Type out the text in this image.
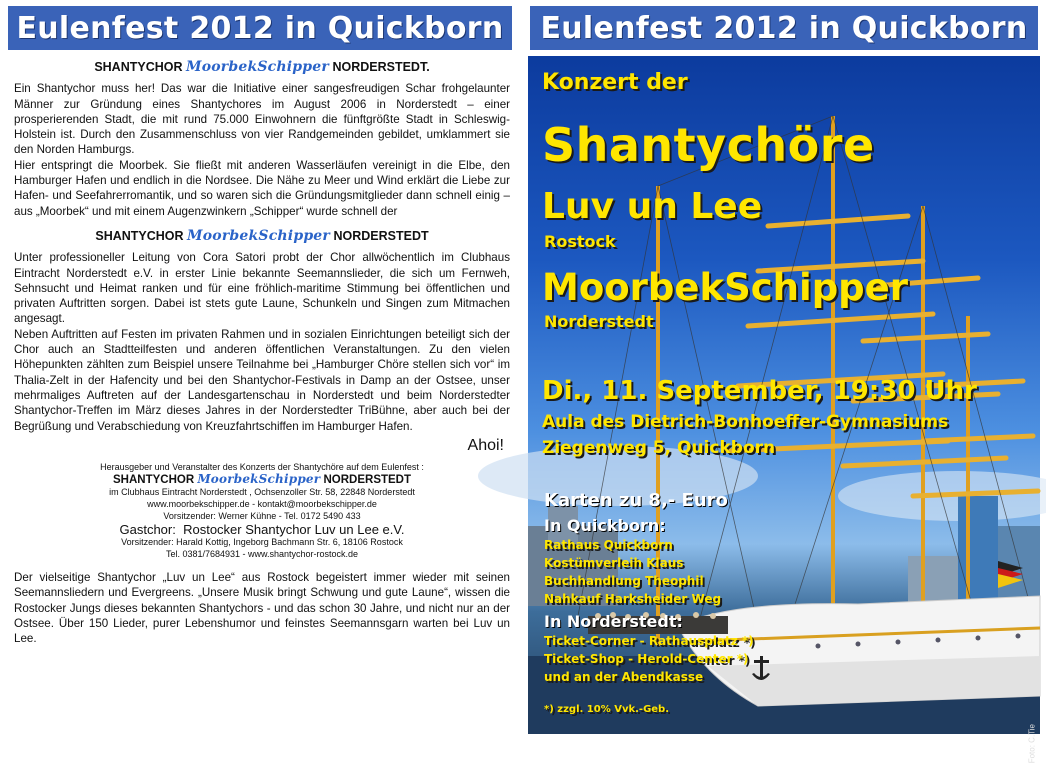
Eulenfest 2012 in Quickborn Eulenfest 2012 in Quickborn
SHANTYCHOR MoorbekSchipper NORDERSTEDT.

Ein Shantychor muss her! Das war die Initiative einer sangesfreudigen Schar frohgelaunter Männer zur Gründung eines Shantychores im August 2006 in Norderstedt – einer prosperierenden Stadt, die mit rund 75.000 Einwohnern die fünftgrößte Stadt in Schleswig-Holstein ist. Durch den Zusammenschluss von vier Randgemeinden gebildet, umklammert sie den Norden Hamburgs.

Hier entspringt die Moorbek. Sie fließt mit anderen Wasserläufen vereinigt in die Elbe, den Hamburger Hafen und endlich in die Nordsee. Die Nähe zu Meer und Wind erklärt die Liebe zur Hafen- und Seefahrerromantik, und so waren sich die Gründungsmitglieder dann schnell einig – aus „Moorbek“ und mit einem Augenzwinkern „Schipper“ wurde schnell der

SHANTYCHOR MoorbekSchipper NORDERSTEDT

Unter professioneller Leitung von Cora Satori probt der Chor allwöchentlich im Clubhaus Eintracht Norderstedt e.V. in erster Linie bekannte Seemannslieder, die sich um Fernweh, Sehnsucht und Heimat ranken und für eine fröhlich-maritime Stimmung bei öffentlichen und privaten Auftritten sorgen. Dabei ist stets gute Laune, Schunkeln und Singen zum Mitmachen angesagt.

Neben Auftritten auf Festen im privaten Rahmen und in sozialen Einrichtungen beteiligt sich der Chor auch an Stadtteilfesten und anderen öffentlichen Veranstaltungen. Zu den vielen Höhepunkten zählten zum Beispiel unsere Teilnahme bei „Hamburger Chöre stellen sich vor“ im Thalia-Zelt in der Hafencity und bei den Shantychor-Festivals in Damp an der Ostsee, unser mehrmaliges Auftreten auf der Landesgartenschau in Norderstedt und beim Norderstedter Shantychor-Treffen im März dieses Jahres in der Norderstedter TriBühne, aber auch bei der Begrüßung und Verabschiedung von Kreuzfahrtschiffen im Hamburger Hafen.

Ahoi!
Herausgeber und Veranstalter des Konzerts der Shantychöre auf dem Eulenfest :
SHANTYCHOR MoorbekSchipper NORDERSTEDT
im Clubhaus Eintracht Norderstedt , Ochsenzoller Str. 58, 22848 Norderstedt
www.moorbekschipper.de - kontakt@moorbekschipper.de
Vorsitzender: Werner Kühne - Tel. 0172 5490 433
Gastchor: Rostocker Shantychor Luv un Lee e.V.
Vorsitzender: Harald Kottig, Ingeborg Bachmann Str. 6, 18106 Rostock
Tel. 0381/7684931 - www.shantychor-rostock.de

Der vielseitige Shantychor „Luv un Lee“ aus Rostock begeistert immer wieder mit seinen Seemannsliedern und Evergreens. „Unsere Musik bringt Schwung und gute Laune“, wissen die Rostocker Jungs dieses bekannten Shantychors - und das schon 30 Jahre, und nicht nur an der Ostsee. Über 150 Lieder, purer Lebenshumor und feinstes Seemannsgarn warten bei Luv un Lee.

Konzert der
Shantychöre
Luv un Lee
Rostock
MoorbekSchipper
Norderstedt
Di., 11. September, 19:30 Uhr
Aula des Dietrich-Bonhoeffer-Gymnasiums
Ziegenweg 5, Quickborn
Karten zu 8,- Euro
In Quickborn:
Rathaus Quickborn
Kostümverleih Klaus
Buchhandlung Theophil
Nahkauf Harksheider Weg
In Norderstedt:
Ticket-Corner - Rathausplatz *)
Ticket-Shop - Herold-Center *)
und an der Abendkasse
*) zzgl. 10% Vvk.-Geb.
Foto: C.Tie
